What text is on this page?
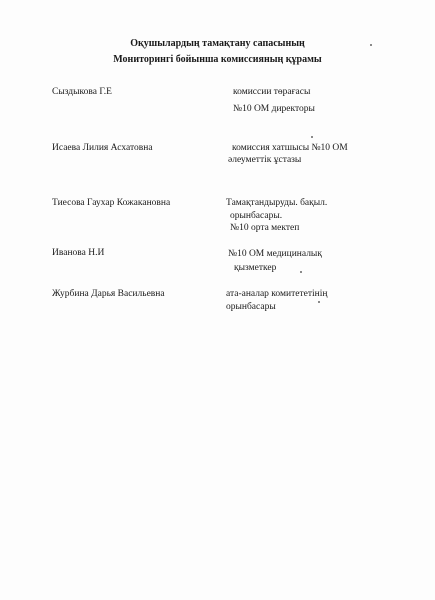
Оқушылардың тамақтану сапасының
Мониторингі бойынша комиссияның құрамы
Сыздыкова Г.Е	комиссии төрағасы
№10 ОМ директоры
Исаева Лилия Асхатовна	комиссия хатшысы №10 ОМ
әлеуметтік ұстазы
Тиесова Гаухар Кожакановна	Тамақтандыруды. бақыл.
орынбасары.
№10 орта мектеп
Иванова Н.И	№10 ОМ медициналық
қызметкер
Журбина Дарья Васильевна	ата-аналар комитететінің
орынбасары
